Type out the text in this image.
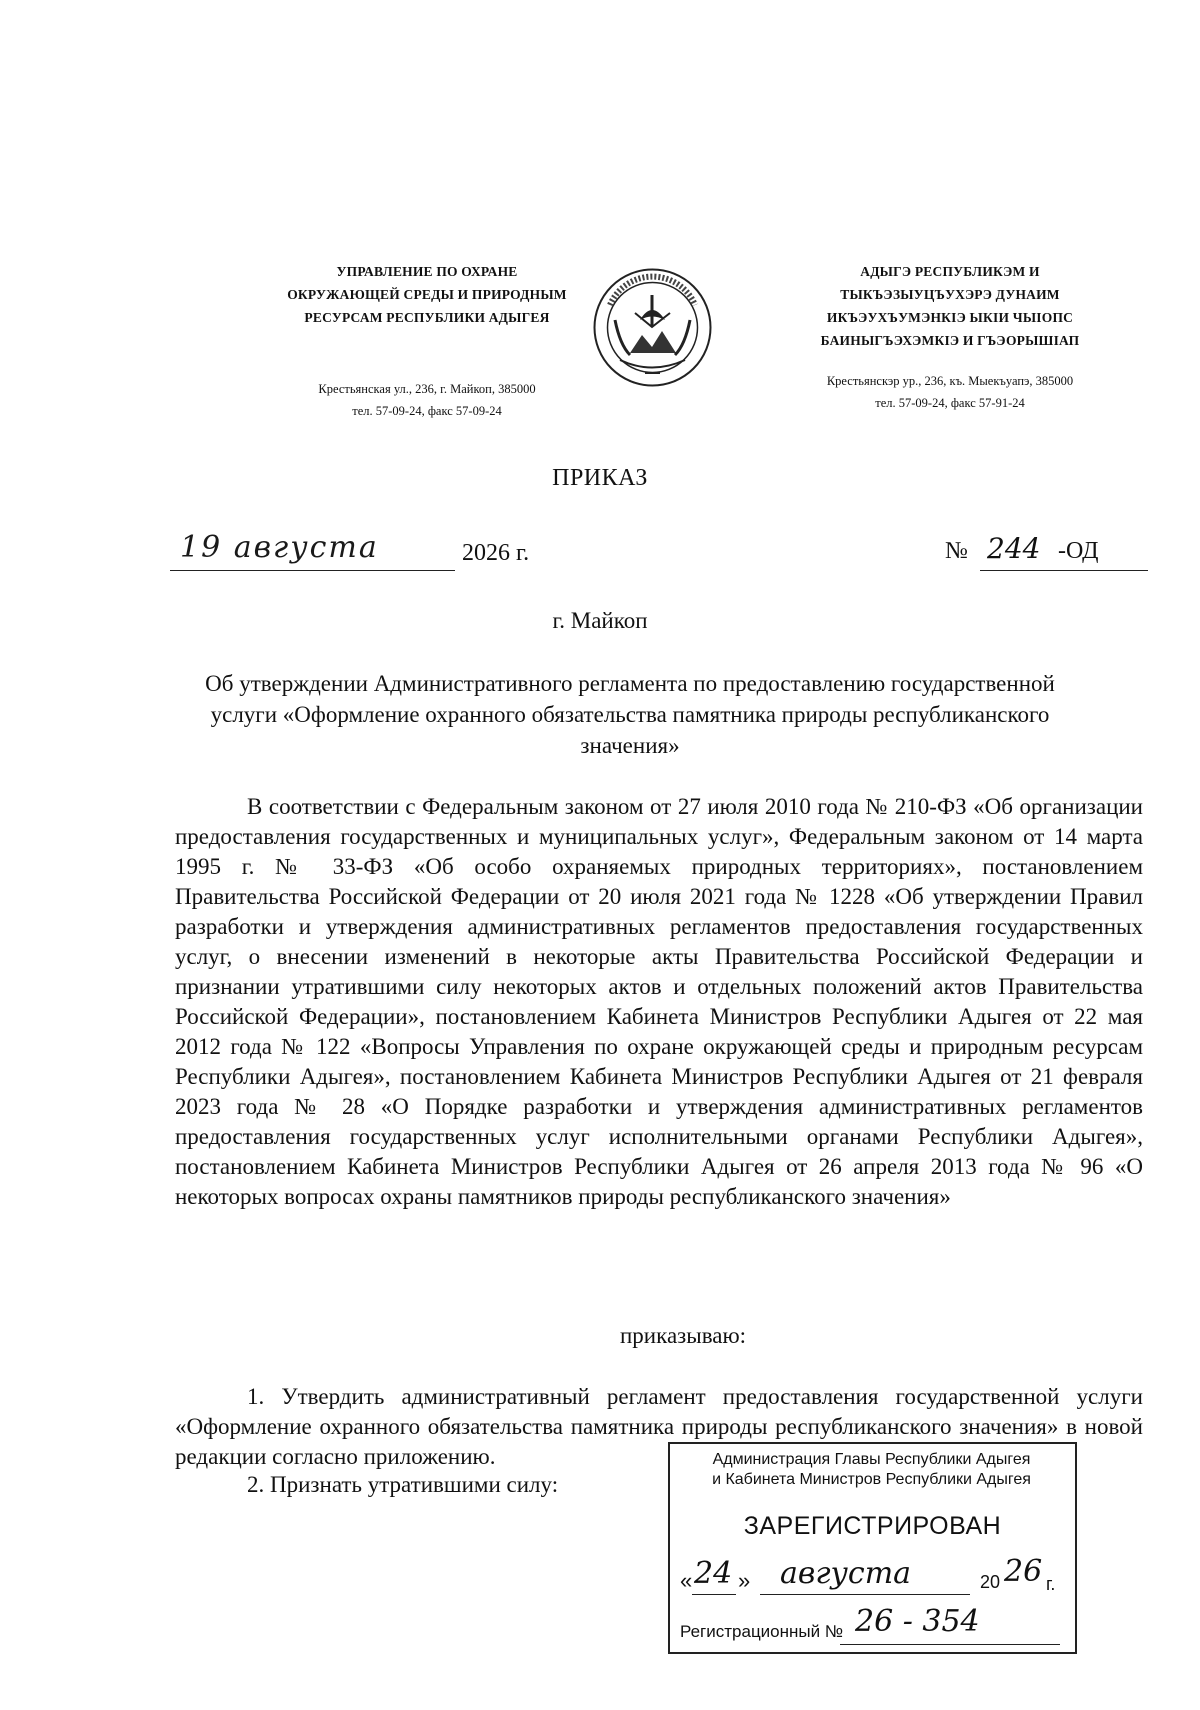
УПРАВЛЕНИЕ ПО ОХРАНЕ
ОКРУЖАЮЩЕЙ СРЕДЫ И ПРИРОДНЫМ
РЕСУРСАМ РЕСПУБЛИКИ АДЫГЕЯ
Крестьянская ул., 236, г. Майкоп, 385000
тел. 57-09-24, факс 57-09-24
АДЫГЭ РЕСПУБЛИКЭМ И
ТЫКЪЭЗЫУЦЪУХЭРЭ ДУНАИМ
ИКЪЭУХЪУМЭНКIЭ ЫКIИ ЧЫIОПС
БАИНЫГЪЭХЭМКIЭ И ГЪЭОРЫШIАП
Крестьянскэр ур., 236, къ. Мыекъуапэ, 385000
тел. 57-09-24, факс 57-91-24
ПРИКАЗ
19 августа	2026 г.	№ 244 -ОД
г. Майкоп
Об утверждении Административного регламента по предоставлению государственной услуги «Оформление охранного обязательства памятника природы республиканского значения»
В соответствии с Федеральным законом от 27 июля 2010 года № 210-ФЗ «Об организации предоставления государственных и муниципальных услуг», Федеральным законом от 14 марта 1995 г. № 33-ФЗ «Об особо охраняемых природных территориях», постановлением Правительства Российской Федерации от 20 июля 2021 года № 1228 «Об утверждении Правил разработки и утверждения административных регламентов предоставления государственных услуг, о внесении изменений в некоторые акты Правительства Российской Федерации и признании утратившими силу некоторых актов и отдельных положений актов Правительства Российской Федерации», постановлением Кабинета Министров Республики Адыгея от 22 мая 2012 года № 122 «Вопросы Управления по охране окружающей среды и природным ресурсам Республики Адыгея», постановлением Кабинета Министров Республики Адыгея от 21 февраля 2023 года № 28 «О Порядке разработки и утверждения административных регламентов предоставления государственных услуг исполнительными органами Республики Адыгея», постановлением Кабинета Министров Республики Адыгея от 26 апреля 2013 года № 96 «О некоторых вопросах охраны памятников природы республиканского значения»
приказываю:
1. Утвердить административный регламент предоставления государственной услуги «Оформление охранного обязательства памятника природы республиканского значения» в новой редакции согласно приложению.
2. Признать утратившими силу:
Администрация Главы Республики Адыгея
и Кабинета Министров Республики Адыгея
ЗАРЕГИСТРИРОВАН
« 24 » августа	20 26 г.
Регистрационный № 26 - 354
